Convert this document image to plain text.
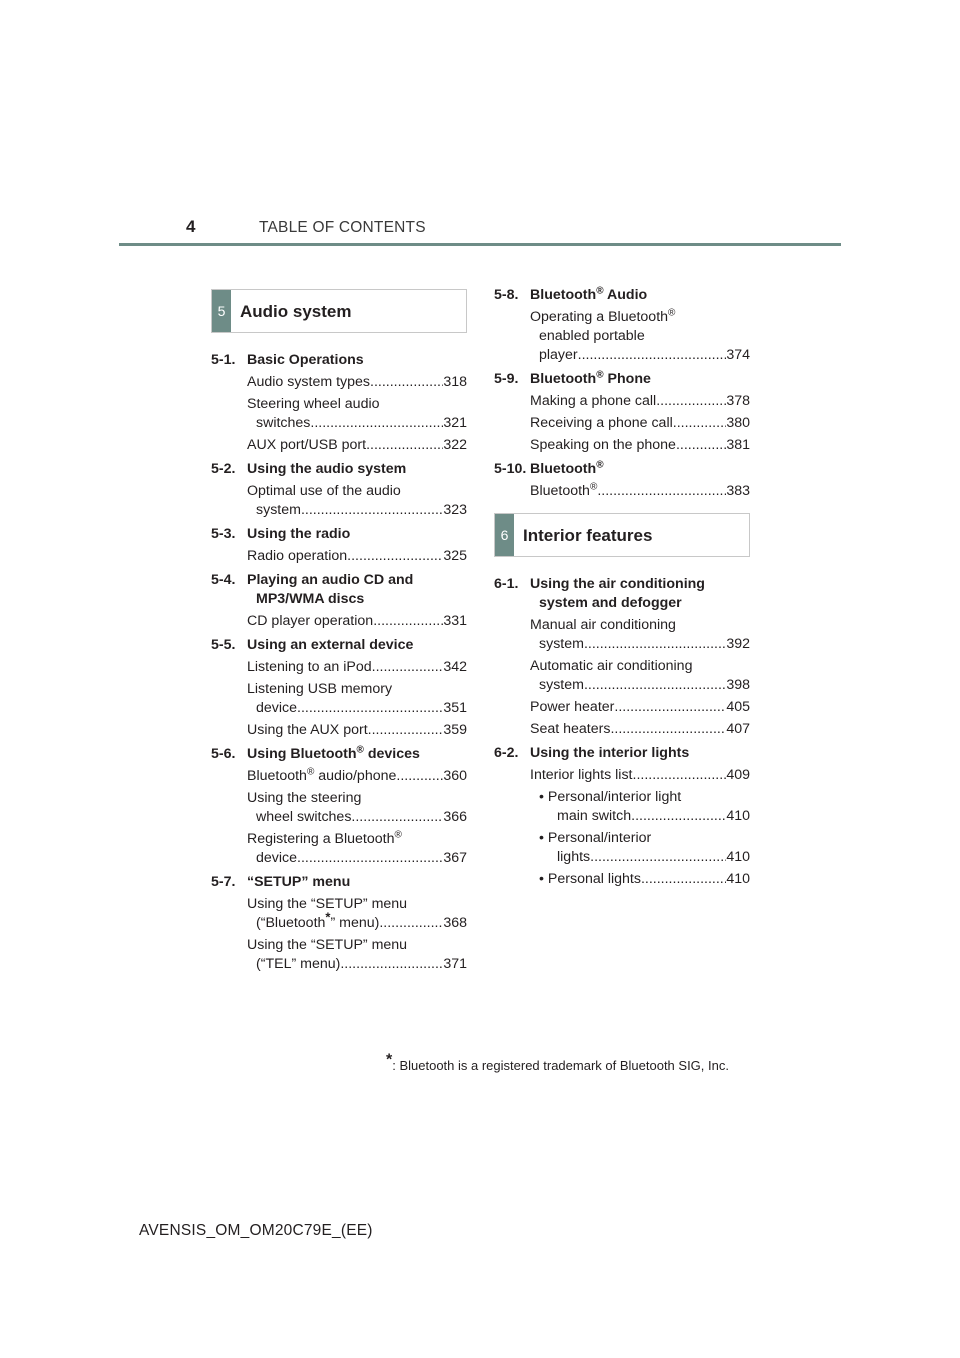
4	TABLE OF CONTENTS
5 Audio system
5-1. Basic Operations
Audio system types .....	318
Steering wheel audio
switches .....	321
AUX port/USB port .....	322
5-2. Using the audio system
Optimal use of the audio
system .....	323
5-3. Using the radio
Radio operation .....	325
5-4. Playing an audio CD and
MP3/WMA discs
CD player operation .....	331
5-5. Using an external device
Listening to an iPod .....	342
Listening USB memory
device .....	351
Using the AUX port .....	359
5-6. Using Bluetooth® devices
Bluetooth® audio/phone .....	360
Using the steering
wheel switches .....	366
Registering a Bluetooth®
device .....	367
5-7. “SETUP” menu
Using the “SETUP” menu
(“Bluetooth*” menu) .....	368
Using the “SETUP” menu
(“TEL” menu) .....	371
5-8. Bluetooth® Audio
Operating a Bluetooth®
enabled portable
player .....	374
5-9. Bluetooth® Phone
Making a phone call .....	378
Receiving a phone call .....	380
Speaking on the phone .....	381
5-10. Bluetooth®
Bluetooth® .....	383
6 Interior features
6-1. Using the air conditioning
system and defogger
Manual air conditioning
system .....	392
Automatic air conditioning
system .....	398
Power heater .....	405
Seat heaters .....	407
6-2. Using the interior lights
Interior lights list .....	409
• Personal/interior light
main switch .....	410
• Personal/interior
lights .....	410
• Personal lights .....	410
*: Bluetooth is a registered trademark of Bluetooth SIG, Inc.
AVENSIS_OM_OM20C79E_(EE)
